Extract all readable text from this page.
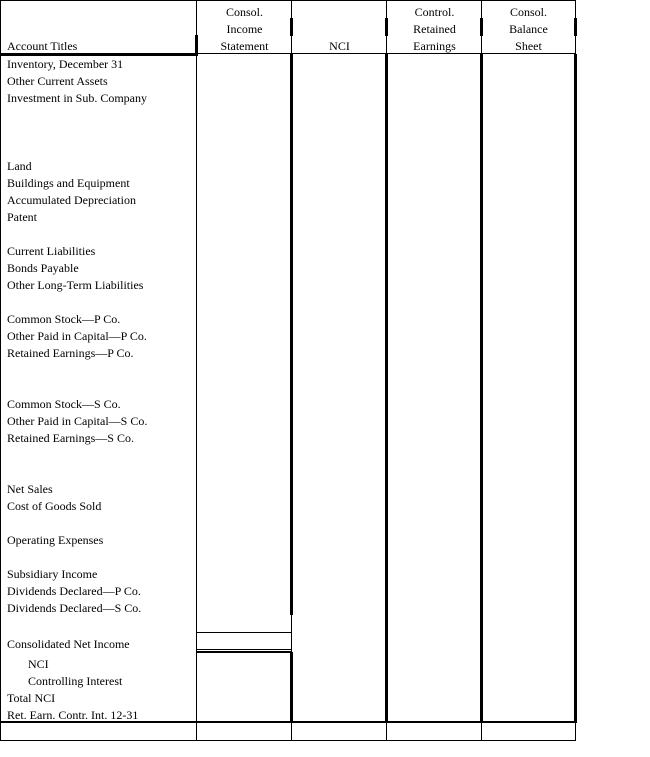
Account Titles
Consol.
Income
Statement	NCI
Control.
Retained
Earnings
Consol.
Balance
Sheet
Inventory, December 31
Other Current Assets
Investment in Sub. Company
Land
Buildings and Equipment
Accumulated Depreciation
Patent
Current Liabilities
Bonds Payable
Other Long-Term Liabilities
Common Stock—P Co.
Other Paid in Capital—P Co.
Retained Earnings—P Co.
Common Stock—S Co.
Other Paid in Capital—S Co.
Retained Earnings—S Co.
Net Sales
Cost of Goods Sold
Operating Expenses
Subsidiary Income
Dividends Declared—P Co.
Dividends Declared—S Co.
Consolidated Net Income
NCI
Controlling Interest
Total NCI
Ret. Earn. Contr. Int. 12-31
